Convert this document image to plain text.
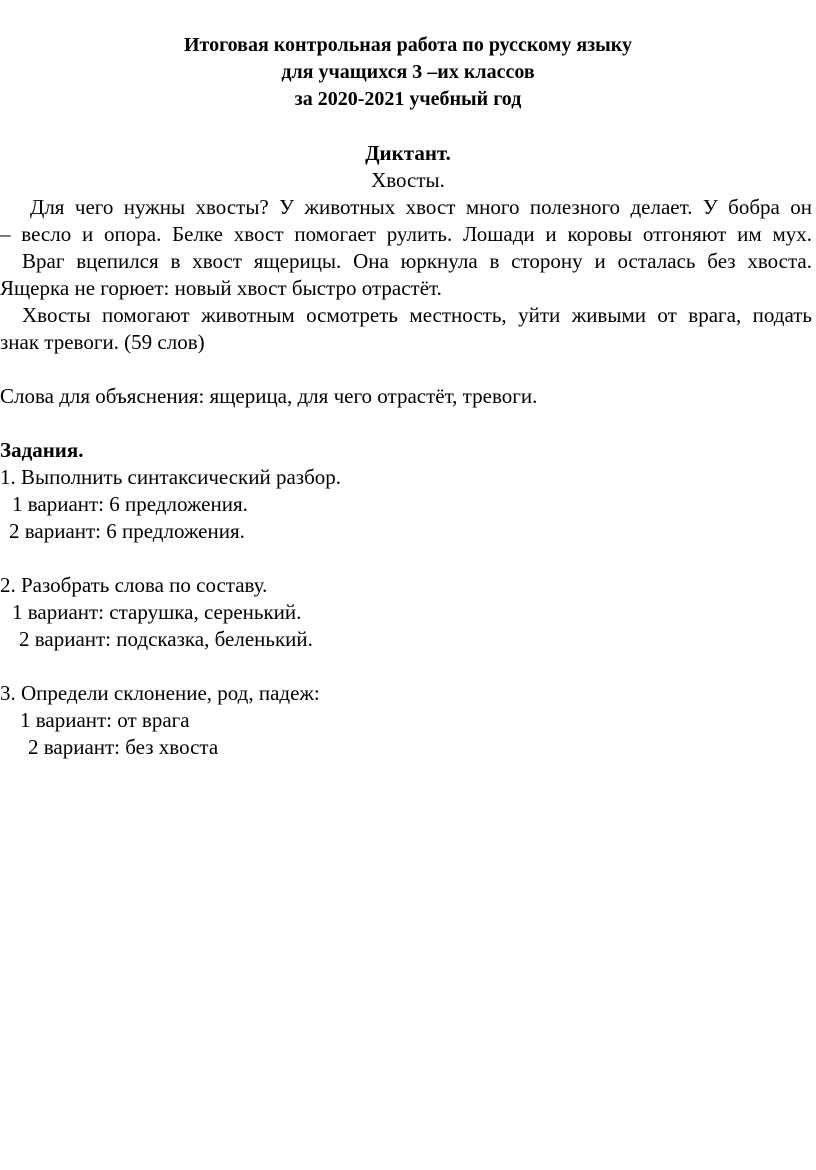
Итоговая контрольная работа по русскому языку
для учащихся 3 –их классов
за 2020-2021 учебный год
Диктант.
Хвосты.
Для чего нужны хвосты? У животных хвост много полезного делает. У бобра он
– весло и опора. Белке хвост помогает рулить. Лошади и коровы отгоняют им мух.
Враг вцепился в хвост ящерицы. Она юркнула в сторону и осталась без хвоста.
Ящерка не горюет: новый хвост быстро отрастёт.
Хвосты помогают животным осмотреть местность, уйти живыми от врага, подать
знак тревоги. (59 слов)
Слова для объяснения: ящерица, для чего отрастёт, тревоги.
Задания.
1. Выполнить синтаксический разбор.
1 вариант: 6 предложения.
2 вариант: 6 предложения.
2. Разобрать слова по составу.
1 вариант: старушка, серенький.
2 вариант: подсказка, беленький.
3. Определи склонение, род, падеж:
1 вариант: от врага
2 вариант: без хвоста
